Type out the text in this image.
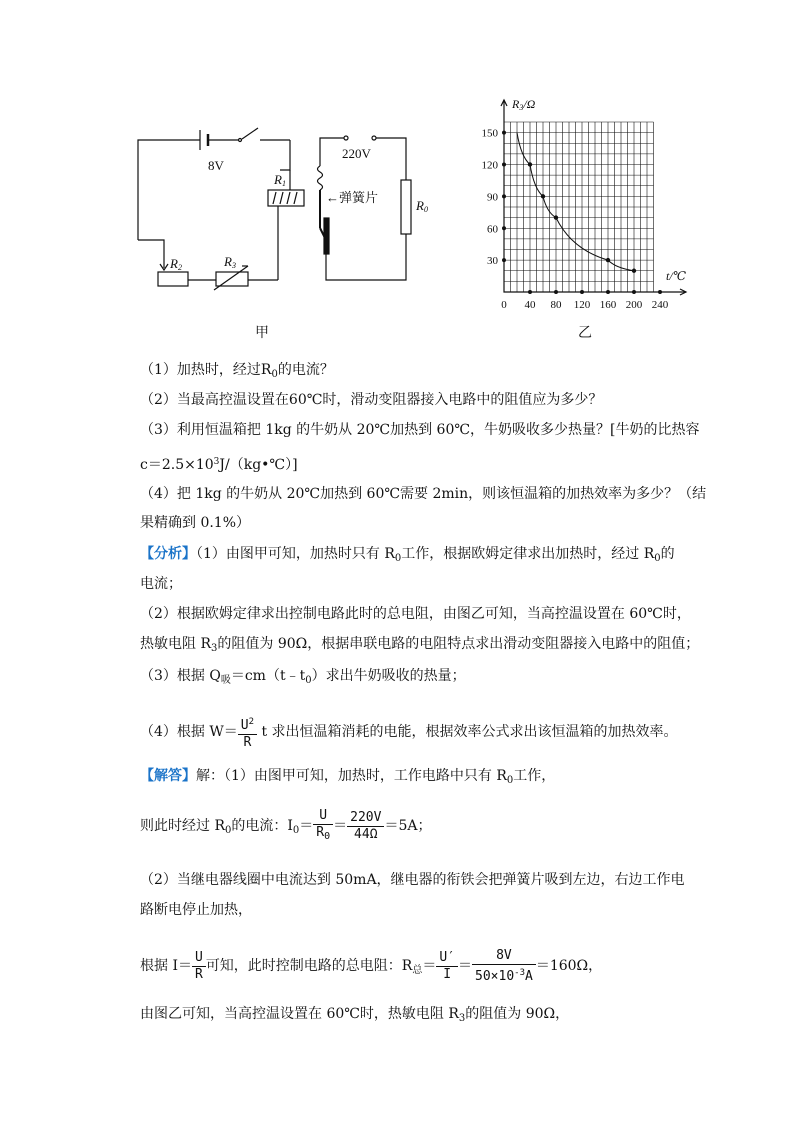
8V
R1
R2	R3
R0
220V
←弹簧片
甲
0 40 80 120 160 200 240
30
60
90
120
150
R3/Ω
t/℃
乙
（1）加热时，经过$R_0$的电流？
（2）当最高控温设置在60℃时，滑动变阻器接入电路中的阻值应为多少？
（3）利用恒温箱把 1kg 的牛奶从 20℃加热到 60℃，牛奶吸收多少热量？[牛奶的比热容
$c=2.5\times 10^3J/(kg•℃)$]
（4）把 1kg 的牛奶从 20℃加热到 60℃需要 2min，则该恒温箱的加热效率为多少？（结
果精确到 0.1%）
【分析】（1）由图甲可知，加热时只有 $R_0$工作，根据欧姆定律求出加热时，经过 $R_0$的
电流；
（2）根据欧姆定律求出控制电路此时的总电阻，由图乙可知，当高控温设置在 60℃时，
热敏电阻 $R_3$的阻值为 90Ω，根据串联电路的电阻特点求出滑动变阻器接入电路中的阻值；
（3）根据 $Q_吸=cm(t﹣t_0)$求出牛奶吸收的热量；
（4）根据 $W= \frac{U^2}{R}$ t 求出恒温箱消耗的电能，根据效率公式求出该恒温箱的加热效率。
【解答】解：（1）由图甲可知，加热时，工作电路中只有 $R_0$工作，
则此时经过 $R_0$的电流：$I_0= \frac{U}{R_0} = \frac{220V}{44\Omega} =5A$；
（2）当继电器线圈中电流达到 50mA，继电器的衔铁会把弹簧片吸到左边，右边工作电
路断电停止加热，
根据 $I= \frac{U}{R}$ 可知，此时控制电路的总电阻：$R_总= \frac{U'}{I} = \frac{8V}{50\times 10^{-3}A} =160\Omega$，
由图乙可知，当高控温设置在 60℃时，热敏电阻 $R_3$的阻值为 90Ω，
